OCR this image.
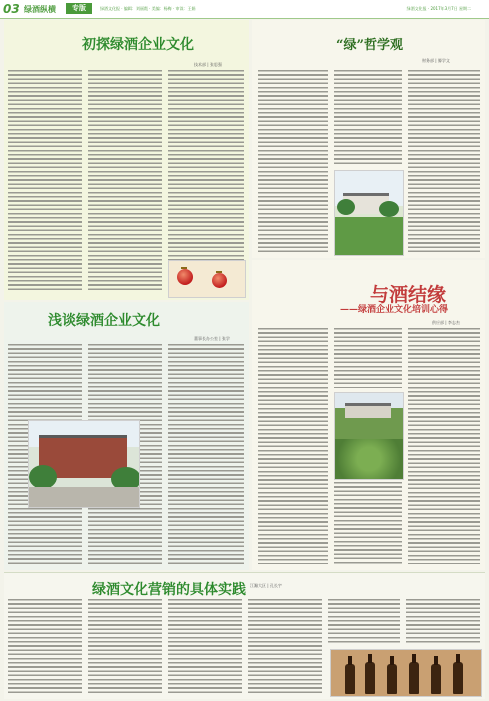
03 绿酒纵横	专版	绿酒文化报 · 编辑：刘丽霞 · 美编：杨梅 · 审读：王娟	绿酒文化报 · 2017年3月7日 星期二
初探绿酒企业文化
技术部 | 张思强
“绿”哲学观
财务部 | 滕学文
浅谈绿酒企业文化
董事长办公室 | 张学
与酒结缘
——绿酒企业文化培训心得
供应部 | 李志杰
绿酒文化营销的具体实践 江瀚大区 | 孔长宇
